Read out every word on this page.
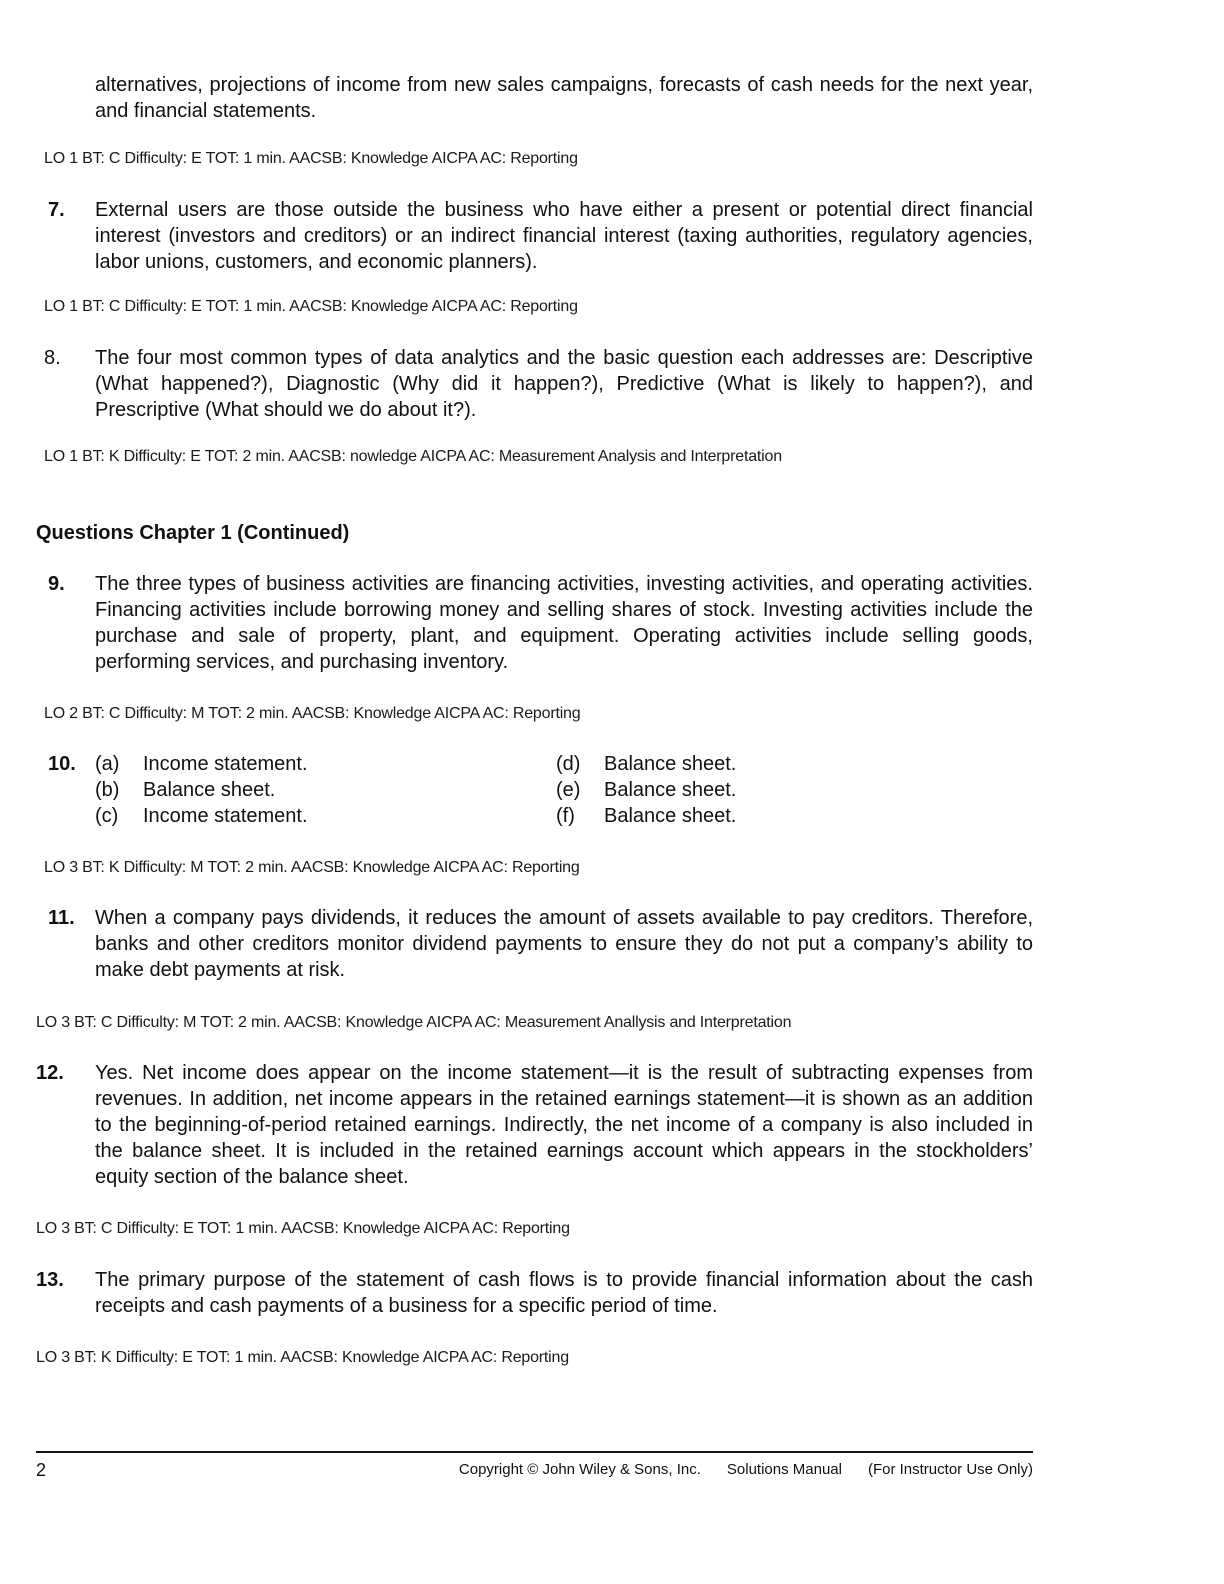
alternatives, projections of income from new sales campaigns, forecasts of cash needs for the next year, and financial statements.
LO 1 BT: C Difficulty: E TOT: 1 min. AACSB: Knowledge AICPA AC: Reporting
7. External users are those outside the business who have either a present or potential direct financial interest (investors and creditors) or an indirect financial interest (taxing authorities, regulatory agencies, labor unions, customers, and economic planners).
LO 1 BT: C Difficulty: E TOT: 1 min. AACSB: Knowledge AICPA AC: Reporting
8. The four most common types of data analytics and the basic question each addresses are: Descriptive (What happened?), Diagnostic (Why did it happen?), Predictive (What is likely to happen?), and Prescriptive (What should we do about it?).
LO 1 BT: K Difficulty: E TOT: 2 min. AACSB: nowledge AICPA AC: Measurement Analysis and Interpretation
Questions Chapter 1 (Continued)
9. The three types of business activities are financing activities, investing activities, and operating activities. Financing activities include borrowing money and selling shares of stock. Investing activities include the purchase and sale of property, plant, and equipment. Operating activities include selling goods, performing services, and purchasing inventory.
LO 2 BT: C Difficulty: M TOT: 2 min. AACSB: Knowledge AICPA AC: Reporting
10. (a)	Income statement.	(d)	Balance sheet.
(b)	Balance sheet.	(e)	Balance sheet.
(c)	Income statement.	(f)	Balance sheet.
LO 3 BT: K Difficulty: M TOT: 2 min. AACSB: Knowledge AICPA AC: Reporting
11. When a company pays dividends, it reduces the amount of assets available to pay creditors. Therefore, banks and other creditors monitor dividend payments to ensure they do not put a company’s ability to make debt payments at risk.
LO 3 BT: C Difficulty: M TOT: 2 min. AACSB: Knowledge AICPA AC: Measurement Anallysis and Interpretation
12. Yes. Net income does appear on the income statement—it is the result of subtracting expenses from revenues. In addition, net income appears in the retained earnings statement—it is shown as an addition to the beginning-of-period retained earnings. Indirectly, the net income of a company is also included in the balance sheet. It is included in the retained earnings account which appears in the stockholders’ equity section of the balance sheet.
LO 3 BT: C Difficulty: E TOT: 1 min. AACSB: Knowledge AICPA AC: Reporting
13. The primary purpose of the statement of cash flows is to provide financial information about the cash receipts and cash payments of a business for a specific period of time.
LO 3 BT: K Difficulty: E TOT: 1 min. AACSB: Knowledge AICPA AC: Reporting
2	Copyright © John Wiley & Sons, Inc. Solutions Manual (For Instructor Use Only)
